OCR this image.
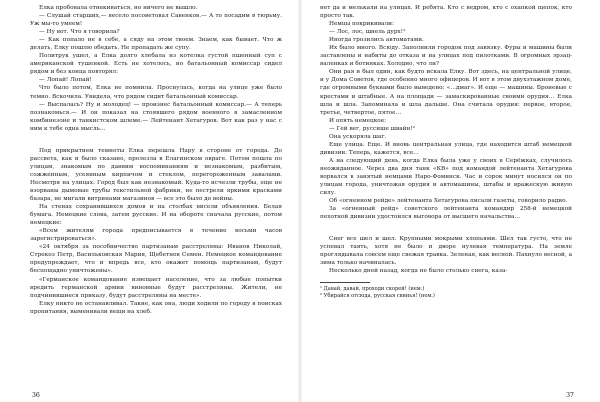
Елка пробовала отнекиваться, но ничего не вышло.

— Слушай старших,— весело посоветовал Савенков.— А то посадим в тюрьму. Уж мы-то умеем!

— Ну вот. Что я говорила?

— Как попало не в себе, а сяду на этом твоем. Знаем, как бывает. Что ж делать, Елку пошлю обедать. Не пропадать же супу.

Политрук ушел, а Елка долго хлебала из котелка густой пшенный суп с американской тушенкой. Есть не хотелось, но батальонный комиссар сидел рядом и без конца повторял:

— Лопай! Лопай!

Что было потом, Елка не помнила. Проснулась, когда на улице уже было темно. Вскочила. Увидела, что рядом сидит батальонный комиссар.

— Выспалась? Ну и молодец! — произнес батальонный комиссар.— А теперь познакомься.— И он показал на стоявшего рядом военного в замасленном комбинезоне и танкистском шлеме.— Лейтенант Хетагуров. Вот как раз у нас с ним к тебе одна мысль…

Под прикрытием темноты Елка перешла Нару в стороне от города. До рассвета, как и было сказано, пролезла в Елагинском овраге. Потом пошла по улицам, знакомым по давним воспоминаниям и незнакомым, разбитым, сожженным, усеянным кирпичом и стеклом, перегороженным завалами. Несмотря на улицах. Город был как незнакомый. Куда-то исчезли трубы, еще не взорваны дымовые трубы текстильной фабрики, не пестрели яркими красками базара, не мигали витринами магазинов — все это было до войны.

На стенах сохранившихся домов и на столбах висели объявления. Белая бумага. Немецкие слова, затем русские. И на обороте сначала русские, потом немецкие:

«Всем жителям города предписывается в течение восьми часов зарегистрироваться».

«24 октября за пособничество партизанам расстреляны: Иванов Николай, Стрекоз Петр, Васильковская Мария, Щебетнов Семен. Немецкое командование предупреждает, что и впредь все, кто окажет помощь партизанам, будут беспощадно уничтожены».

«Германское командование извещает население, что за любые попытки вредить германской армии виновные будут расстреляны. Жители, не подчинившиеся приказу, будут расстреляны на месте».

Елку никто не останавливал. Такие, как она, люди ходили по городу в поисках пропитания, выменивали вещи на хлеб.

36

нет да и мелькали на улицах. И ребята. Кто с ведром, кто с охапкой щепок, кто просто так.

Немцы покрикивали:

— Лос, лос, шнель дурх!¹

Иногда грозились автоматами.

Их было много. Всюду. Заполнили городок под завязку. Фуры и машины были заставлены и набиты до отказа и на улицах под пилотками. В огромных эрзац-валенках и ботинках. Холодно, что ли?

Они рая и был один, как будто искала Елку. Вот здесь, на центральной улице, и у Дома Советов, где особенно много офицеров. И вот в этом двухэтажном доме, где огромными буквами было выведено: «…дмаг». И еще — машины. Броневые с крестами и штабные. А на площади — замаскированные своими орудия… Елка шла и шла. Запоминала и шла дальше. Она считала орудия: первое, второе, третье, четвертое, пятое…

И опять немецкое:

— Гей вег, руссише швайн!²

Она ускоряла шаг.

Еще улица. Еще. И вновь центральная улица, где находится штаб немецкой дивизии. Теперь, кажется, все…

А на следующий день, когда Елка была уже у своих в Серёжках, случилось неожиданное. Через два дня танк «КВ» под командой лейтенанта Хетагурова ворвался в занятый немцами Наро-Фоминск. Час и сорок минут носился он по улицам города, уничтожая орудия и автомашины, штабы и вражескую живую силу.

Об «огненном рейде» лейтенанта Хетагурова писали газеты, говорило радио.

За «огненный рейд» советского лейтенанта командир 258-й немецкой пехотной дивизии удостоился выговора от высшего начальства…

Снег все шел и шел. Крупными мокрыми хлопьями. Шел так густо, что не успевал таять, хотя не было и дворе нулевая температура. На земле проглядывала совсем еще свежая травка. Зеленая, как весной. Пахнуло весной, а зима только начиналась.

Несколько дней назад, когда не было столько снега, каза-

¹ Давай, давай, проходи скорей! (нем.)

² Убирайся отсюда, русская свинья! (нем.)

37
